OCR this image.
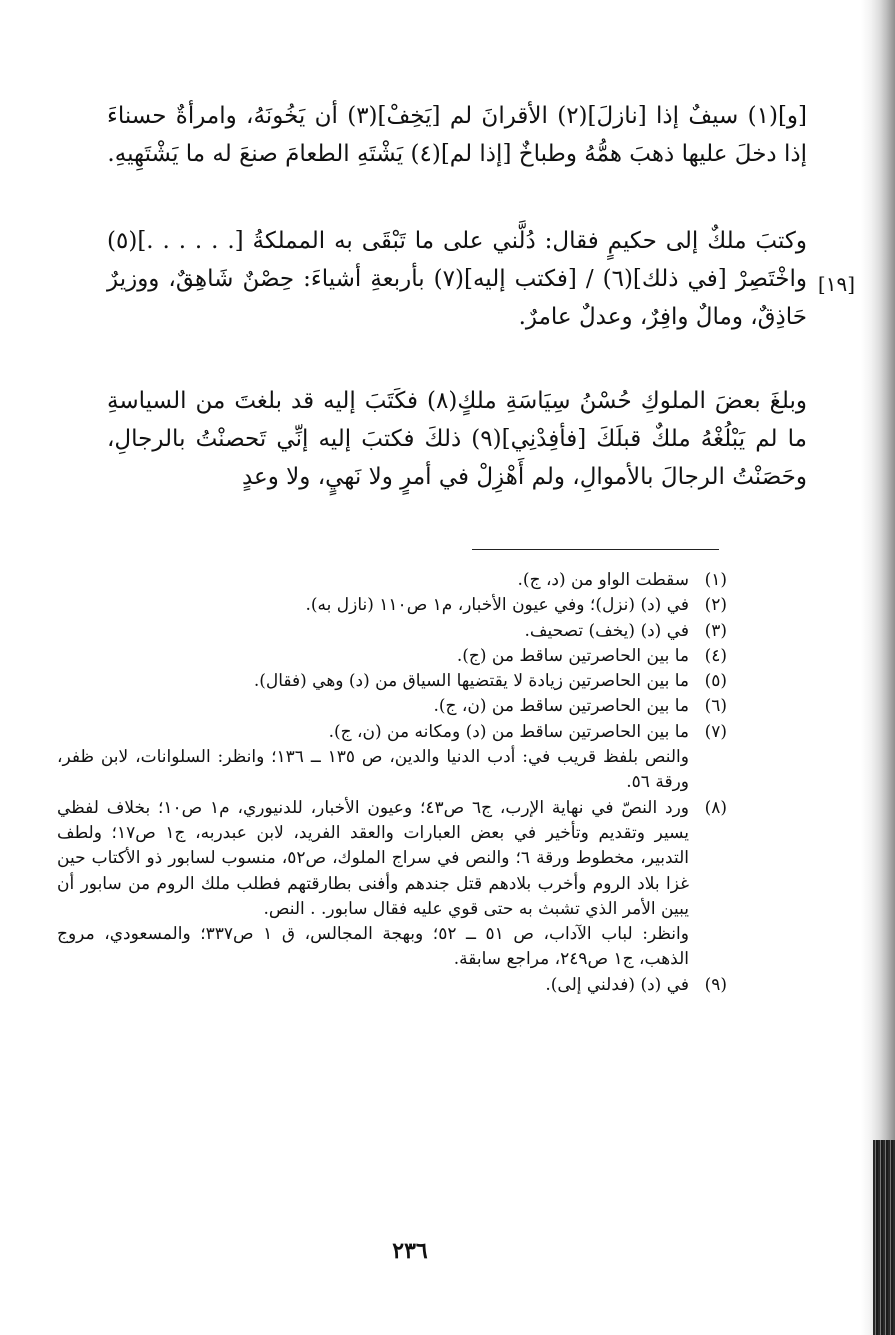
[و](١) سيفٌ إذا [نازلَ](٢) الأقرانَ لم [يَخِفْ](٣) أن يَخُونَهُ، وامرأةٌ حسناءَ إذا دخلَ عليها ذهبَ همُّهُ وطباخٌ [إذا لم](٤) يَشْتَهِ الطعامَ صنعَ له ما يَشْتَهِيهِ.
وكتبَ ملكٌ إلى حكيمٍ فقال: دُلَّني على ما تَبْقَى به المملكةُ [. . . . . .](٥) واخْتَصِرْ [في ذلك](٦) / [فكتب إليه](٧) بأربعةِ أشياءَ: حِصْنٌ شَاهِقٌ، ووزيرٌ حَاذِقٌ، ومالٌ وافِرٌ، وعدلٌ عامرٌ.
[١٩]
وبلغَ بعضَ الملوكِ حُسْنُ سِيَاسَةِ ملكٍ(٨) فكَتَبَ إليه قد بلغتَ من السياسةِ ما لم يَبْلُغْهُ ملكٌ قبلَكَ [فأفِدْنِي](٩) ذلكَ فكتبَ إليه إنِّي تَحصنْتُ بالرجالِ، وحَصَنْتُ الرجالَ بالأموالِ، ولم أَهْزِلْ في أمرٍ ولا نَهيٍ، ولا وعدٍ
(١)

سقطت الواو من (د، ج).

(٢)

في (د) (نزل)؛ وفي عيون الأخبار، م١ ص١١٠ (نازل به).

(٣)

في (د) (يخف) تصحيف.

(٤)

ما بين الحاصرتين ساقط من (ج).

(٥)

ما بين الحاصرتين زيادة لا يقتضيها السياق من (د) وهي (فقال).

(٦)

ما بين الحاصرتين ساقط من (ن، ج).

(٧)

ما بين الحاصرتين ساقط من (د) ومكانه من (ن، ج).

والنص بلفظ قريب في: أدب الدنيا والدين، ص ١٣٥ ــ ١٣٦؛ وانظر: السلوانات، لابن ظفر، ورقة ٥٦.

(٨)

ورد النصّ في نهاية الإرب، ج٦ ص٤٣؛ وعيون الأخبار، للدنيوري، م١ ص١٠؛ بخلاف لفظي يسير وتقديم وتأخير في بعض العبارات والعقد الفريد، لابن عبدربه، ج١ ص١٧؛ ولطف التدبير، مخطوط ورقة ٦؛ والنص في سراج الملوك، ص٥٢، منسوب لسابور ذو الأكتاب حين غزا بلاد الروم وأخرب بلادهم قتل جندهم وأفنى بطارقتهم فطلب ملك الروم من سابور أن يبين الأمر الذي تشبث به حتى قوي عليه فقال سابور. . النص.

وانظر: لباب الآداب، ص ٥١ ــ ٥٢؛ وبهجة المجالس، ق ١ ص٣٣٧؛ والمسعودي، مروج الذهب، ج١ ص٢٤٩، مراجع سابقة.

(٩)

في (د) (فدلني إلى).

٢٣٦
